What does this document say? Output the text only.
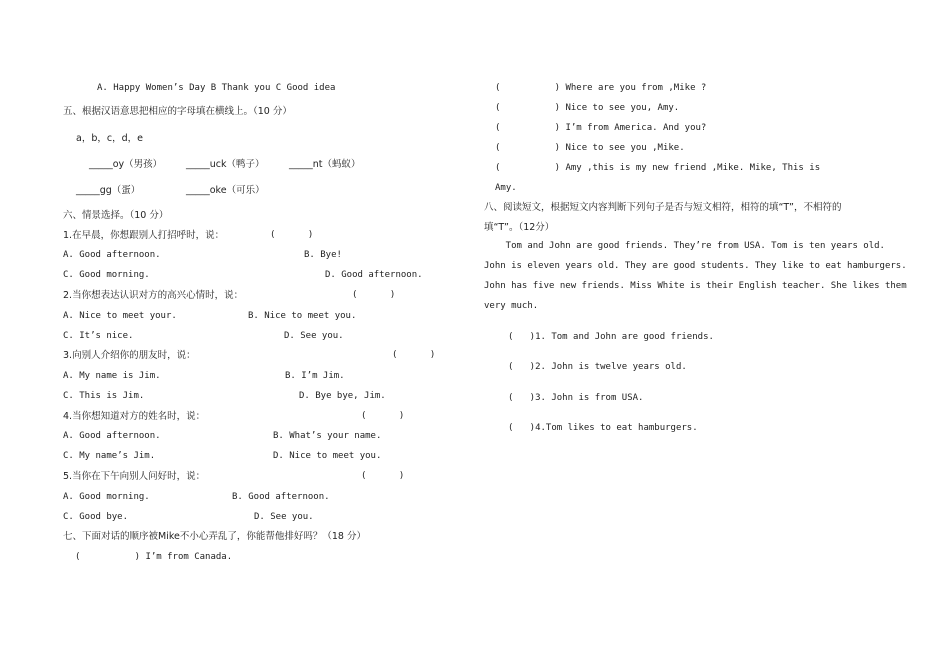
A. Happy Women’s Day B Thank you C Good idea
五、根据汉语意思把相应的字母填在横线上。（10 分）
a，b，c，d，e
_____oy（男孩）	_____uck（鸭子）	_____nt（蚂蚁）
_____gg（蛋）	_____oke（可乐）
六、情景选择。（10 分）
1.在早晨，你想跟别人打招呼时，说：	(      )
A. Good afternoon.	B. Bye!
C. Good morning.	D. Good afternoon.
2.当你想表达认识对方的高兴心情时，说：	(      )
A. Nice to meet your.	B. Nice to meet you.
C. It’s nice.	D. See you.
3.向别人介绍你的朋友时，说：	(      )
A. My name is Jim.	B. I’m Jim.
C. This is Jim.	D. Bye bye, Jim.
4.当你想知道对方的姓名时，说：	(      )
A. Good afternoon.	B. What’s your name.
C. My name’s Jim.	D. Nice to meet you.
5.当你在下午向别人问好时，说：	(      )
A. Good morning.	B. Good afternoon.
C. Good bye.	D. See you.
七、下面对话的顺序被Mike不小心弄乱了，你能帮他排好吗？（18 分）
(          ) I’m from Canada.
(          ) Where are you from ,Mike ?
(          ) Nice to see you, Amy.
(          ) I’m from America. And you?
(          ) Nice to see you ,Mike.
(          ) Amy ,this is my new friend ,Mike. Mike, This is
Amy.
八、阅读短文，根据短文内容判断下列句子是否与短文相符，相符的填“T”，不相符的
填“T”。（12分）
Tom and John are good friends. They’re from USA. Tom is ten years old.
John is eleven years old. They are good students. They like to eat hamburgers.
John has five new friends. Miss White is their English teacher. She likes them
very much.
(   )1. Tom and John are good friends.
(   )2. John is twelve years old.
(   )3. John is from USA.
(   )4.Tom likes to eat hamburgers.
